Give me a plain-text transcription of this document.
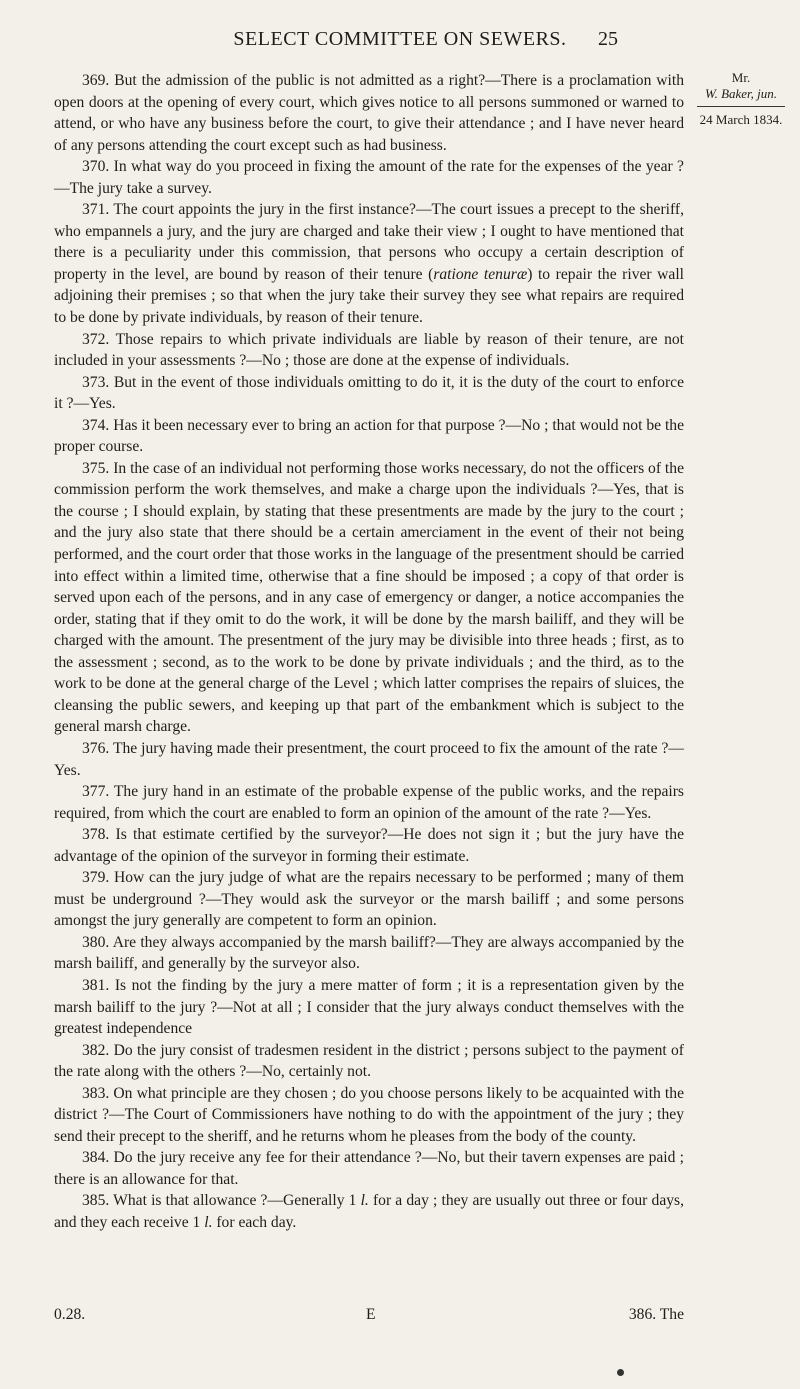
SELECT COMMITTEE ON SEWERS.	25
Mr.
W. Baker, jun.
24 March 1834.

369. But the admission of the public is not admitted as a right?—There is a proclamation with open doors at the opening of every court, which gives notice to all persons summoned or warned to attend, or who have any business before the court, to give their attendance ; and I have never heard of any persons attending the court except such as had business.

370. In what way do you proceed in fixing the amount of the rate for the expenses of the year ?—The jury take a survey.

371. The court appoints the jury in the first instance?—The court issues a precept to the sheriff, who empannels a jury, and the jury are charged and take their view ; I ought to have mentioned that there is a peculiarity under this commission, that persons who occupy a certain description of property in the level, are bound by reason of their tenure (ratione tenuræ) to repair the river wall adjoining their premises ; so that when the jury take their survey they see what repairs are required to be done by private individuals, by reason of their tenure.

372. Those repairs to which private individuals are liable by reason of their tenure, are not included in your assessments ?—No ; those are done at the expense of individuals.

373. But in the event of those individuals omitting to do it, it is the duty of the court to enforce it ?—Yes.

374. Has it been necessary ever to bring an action for that purpose ?—No ; that would not be the proper course.

375. In the case of an individual not performing those works necessary, do not the officers of the commission perform the work themselves, and make a charge upon the individuals ?—Yes, that is the course ; I should explain, by stating that these presentments are made by the jury to the court ; and the jury also state that there should be a certain amerciament in the event of their not being performed, and the court order that those works in the language of the presentment should be carried into effect within a limited time, otherwise that a fine should be imposed ; a copy of that order is served upon each of the persons, and in any case of emergency or danger, a notice accompanies the order, stating that if they omit to do the work, it will be done by the marsh bailiff, and they will be charged with the amount. The presentment of the jury may be divisible into three heads ; first, as to the assessment ; second, as to the work to be done by private individuals ; and the third, as to the work to be done at the general charge of the Level ; which latter comprises the repairs of sluices, the cleansing the public sewers, and keeping up that part of the embankment which is subject to the general marsh charge.

376. The jury having made their presentment, the court proceed to fix the amount of the rate ?—Yes.

377. The jury hand in an estimate of the probable expense of the public works, and the repairs required, from which the court are enabled to form an opinion of the amount of the rate ?—Yes.

378. Is that estimate certified by the surveyor?—He does not sign it ; but the jury have the advantage of the opinion of the surveyor in forming their estimate.

379. How can the jury judge of what are the repairs necessary to be performed ; many of them must be underground ?—They would ask the surveyor or the marsh bailiff ; and some persons amongst the jury generally are competent to form an opinion.

380. Are they always accompanied by the marsh bailiff?—They are always accompanied by the marsh bailiff, and generally by the surveyor also.

381. Is not the finding by the jury a mere matter of form ; it is a representation given by the marsh bailiff to the jury ?—Not at all ; I consider that the jury always conduct themselves with the greatest independence

382. Do the jury consist of tradesmen resident in the district ; persons subject to the payment of the rate along with the others ?—No, certainly not.

383. On what principle are they chosen ; do you choose persons likely to be acquainted with the district ?—The Court of Commissioners have nothing to do with the appointment of the jury ; they send their precept to the sheriff, and he returns whom he pleases from the body of the county.

384. Do the jury receive any fee for their attendance ?—No, but their tavern expenses are paid ; there is an allowance for that.

385. What is that allowance ?—Generally 1 l. for a day ; they are usually out three or four days, and they each receive 1 l. for each day.

0.28.	E	386. The
